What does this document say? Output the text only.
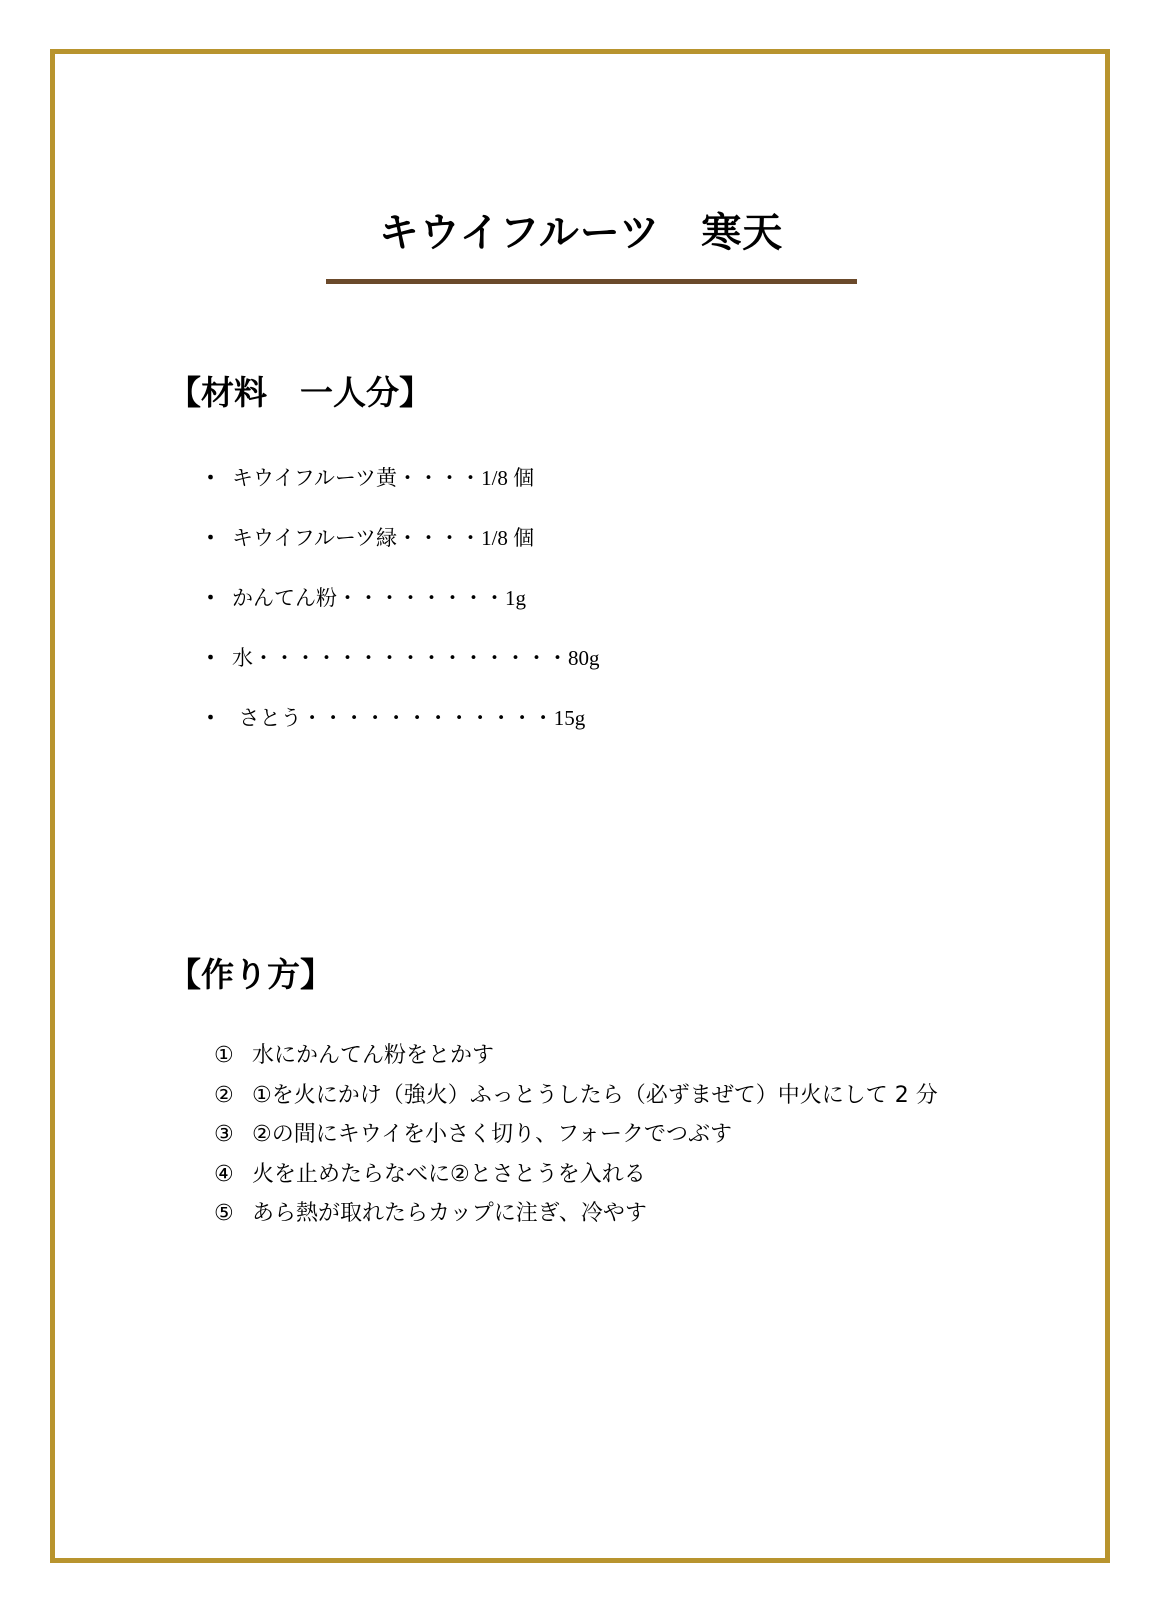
キウイフルーツ　寒天
【材料　一人分】
・ キウイフルーツ黄・・・・1/8 個
・ キウイフルーツ緑・・・・1/8 個
・ かんてん粉・・・・・・・・1g
・ 水・・・・・・・・・・・・・・・80g
・ さとう・・・・・・・・・・・・15g
【作り方】
① 水にかんてん粉をとかす
② ①を火にかけ（強火）ふっとうしたら（必ずまぜて）中火にして 2 分
③ ②の間にキウイを小さく切り、フォークでつぶす
④ 火を止めたらなべに②とさとうを入れる
⑤ あら熱が取れたらカップに注ぎ、冷やす
